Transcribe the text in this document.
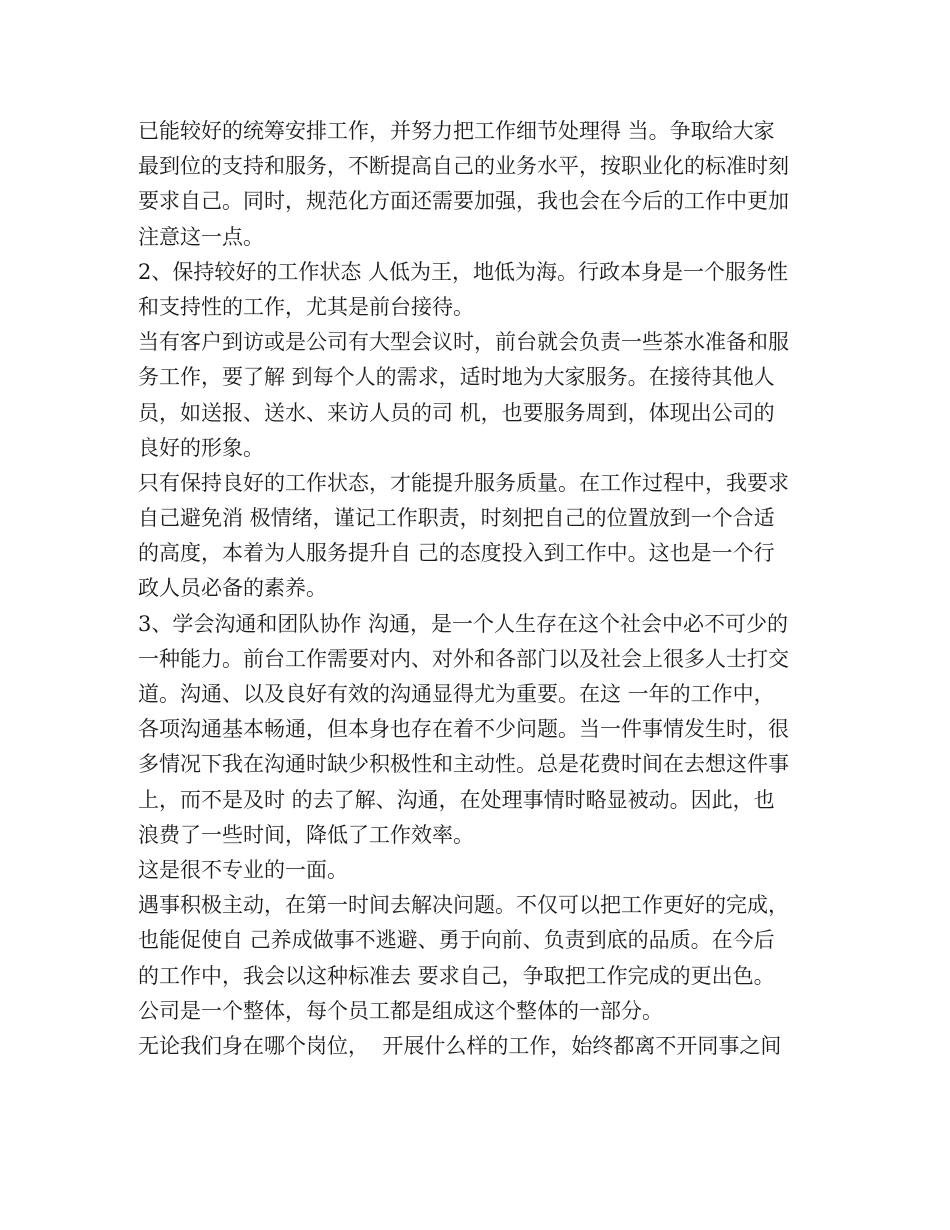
已能较好的统筹安排工作，并努力把工作细节处理得 当。争取给大家
最到位的支持和服务，不断提高自己的业务水平，按职业化的标准时刻
要求自己。同时，规范化方面还需要加强，我也会在今后的工作中更加
注意这一点。
2、保持较好的工作状态 人低为王，地低为海。行政本身是一个服务性
和支持性的工作，尤其是前台接待。
当有客户到访或是公司有大型会议时，前台就会负责一些茶水准备和服
务工作，要了解 到每个人的需求，适时地为大家服务。在接待其他人
员，如送报、送水、来访人员的司 机，也要服务周到，体现出公司的
良好的形象。
只有保持良好的工作状态，才能提升服务质量。在工作过程中，我要求
自己避免消 极情绪，谨记工作职责，时刻把自己的位置放到一个合适
的高度，本着为人服务提升自 己的态度投入到工作中。这也是一个行
政人员必备的素养。
3、学会沟通和团队协作 沟通，是一个人生存在这个社会中必不可少的
一种能力。前台工作需要对内、对外和各部门以及社会上很多人士打交
道。沟通、以及良好有效的沟通显得尤为重要。在这 一年的工作中，
各项沟通基本畅通，但本身也存在着不少问题。当一件事情发生时，很
多情况下我在沟通时缺少积极性和主动性。总是花费时间在去想这件事
上，而不是及时 的去了解、沟通，在处理事情时略显被动。因此，也
浪费了一些时间，降低了工作效率。
这是很不专业的一面。
遇事积极主动，在第一时间去解决问题。不仅可以把工作更好的完成，
也能促使自 己养成做事不逃避、勇于向前、负责到底的品质。在今后
的工作中，我会以这种标准去 要求自己，争取把工作完成的更出色。
公司是一个整体，每个员工都是组成这个整体的一部分。
无论我们身在哪个岗位，  开展什么样的工作，始终都离不开同事之间
